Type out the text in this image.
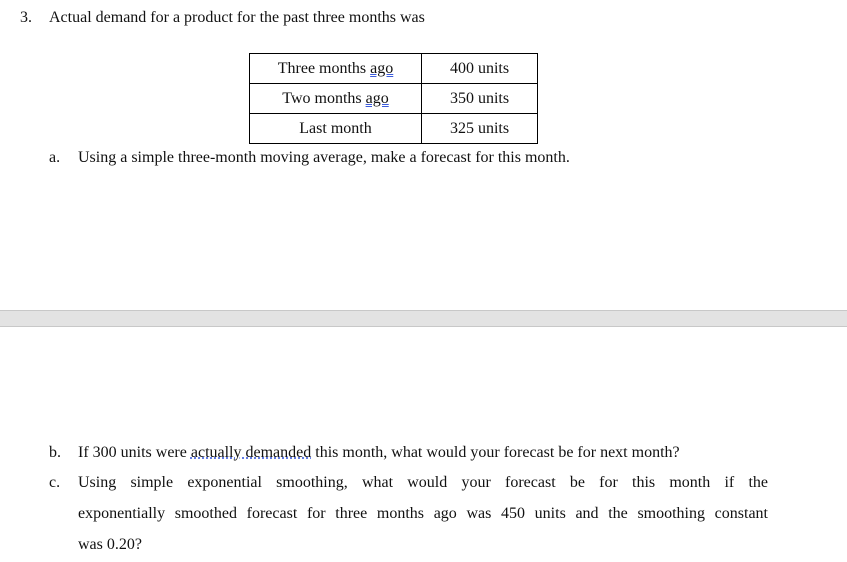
3. Actual demand for a product for the past three months was
Three months ago	400 units
Two months ago	350 units
Last month	325 units
a. Using a simple three-month moving average, make a forecast for this month.
b. If 300 units were actually demanded this month, what would your forecast be for next month?
c. Using simple exponential smoothing, what would your forecast be for this month if the
exponentially smoothed forecast for three months ago was 450 units and the smoothing constant
was 0.20?
